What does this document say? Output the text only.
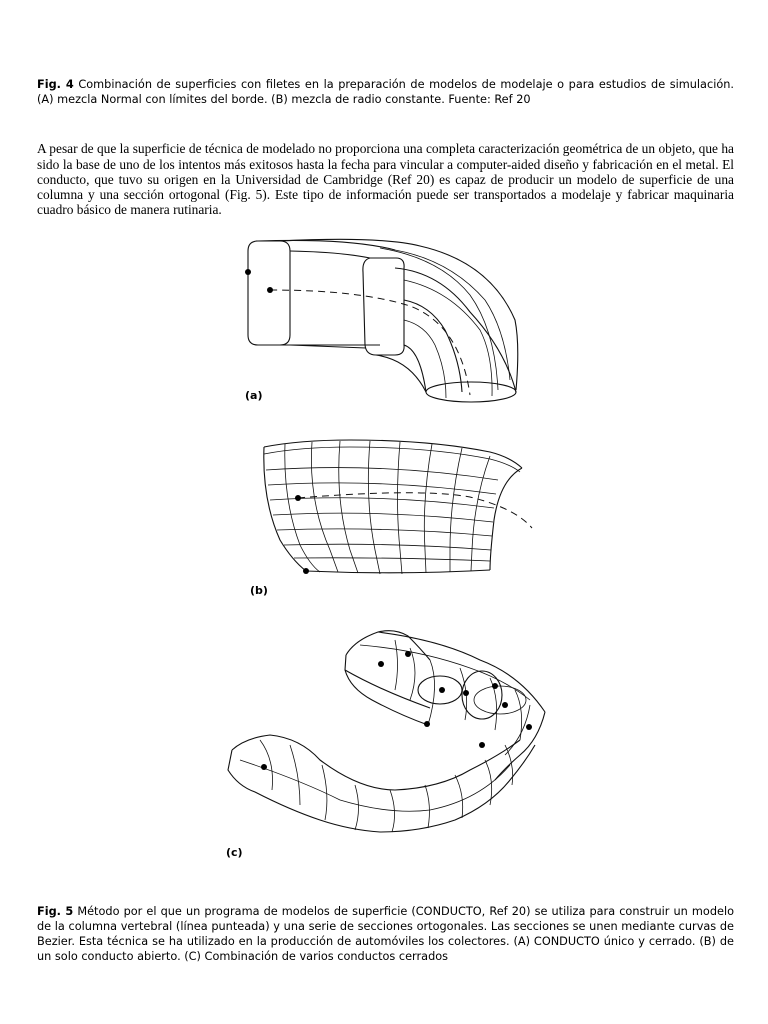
Fig. 4 Combinación de superficies con filetes en la preparación de modelos de modelaje o para estudios de simulación. (A) mezcla Normal con límites del borde. (B) mezcla de radio constante. Fuente: Ref 20

A pesar de que la superficie de técnica de modelado no proporciona una completa caracterización geométrica de un objeto, que ha sido la base de uno de los intentos más exitosos hasta la fecha para vincular a computer-aided diseño y fabricación en el metal. El conducto, que tuvo su origen en la Universidad de Cambridge (Ref 20) es capaz de producir un modelo de superficie de una columna y una sección ortogonal (Fig. 5). Este tipo de información puede ser transportados a modelaje y fabricar maquinaria cuadro básico de manera rutinaria.

(a)
(b)
(c)

Fig. 5 Método por el que un programa de modelos de superficie (CONDUCTO, Ref 20) se utiliza para construir un modelo de la columna vertebral (línea punteada) y una serie de secciones ortogonales. Las secciones se unen mediante curvas de Bezier. Esta técnica se ha utilizado en la producción de automóviles los colectores. (A) CONDUCTO único y cerrado. (B) de un solo conducto abierto. (C) Combinación de varios conductos cerrados
